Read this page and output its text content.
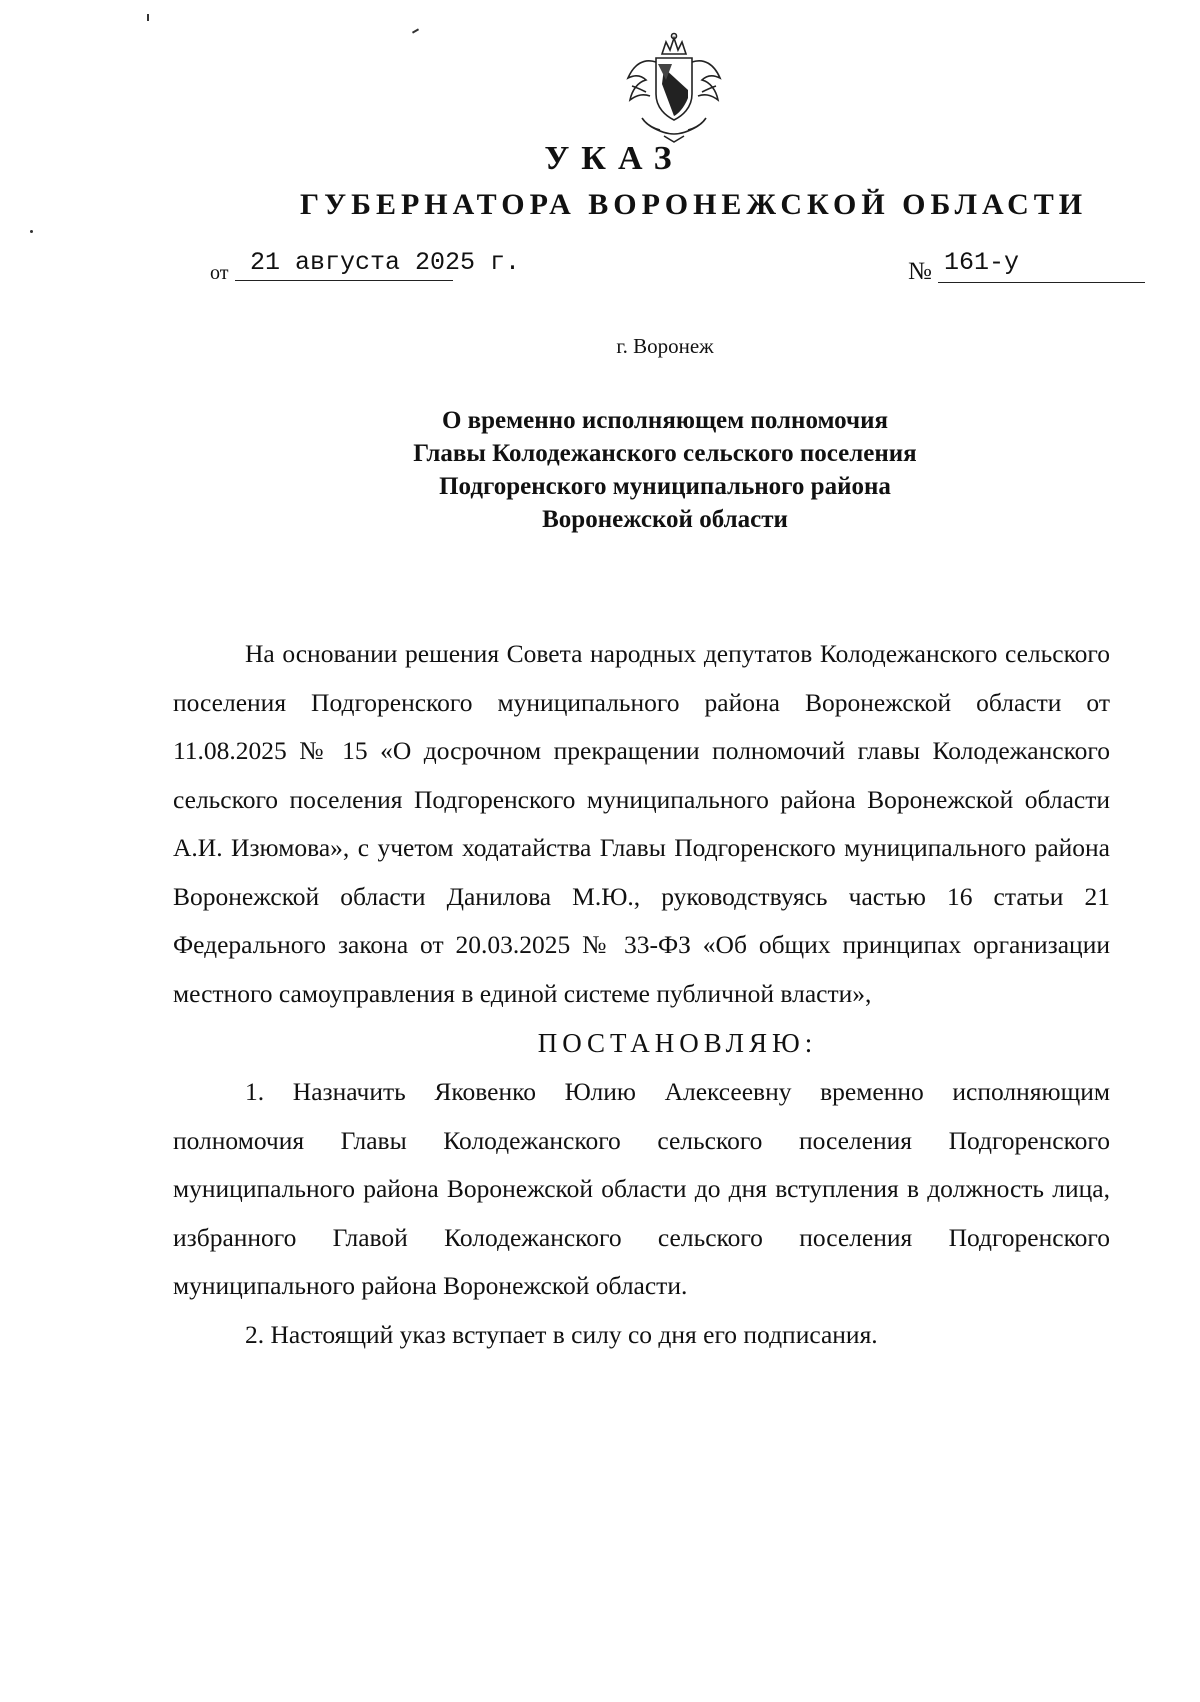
УКАЗ
ГУБЕРНАТОРА ВОРОНЕЖСКОЙ ОБЛАСТИ
от 21 августа 2025 г.	№ 161-у
г. Воронеж
О временно исполняющем полномочия
Главы Колодежанского сельского поселения
Подгоренского муниципального района
Воронежской области

На основании решения Совета народных депутатов Колодежанского сельского поселения Подгоренского муниципального района Воронежской области от 11.08.2025 № 15 «О досрочном прекращении полномочий главы Колодежанского сельского поселения Подгоренского муниципального района Воронежской области А.И. Изюмова», с учетом ходатайства Главы Подгоренского муниципального района Воронежской области Данилова М.Ю., руководствуясь частью 16 статьи 21 Федерального закона от 20.03.2025 № 33-ФЗ «Об общих принципах организации местного самоуправления в единой системе публичной власти»,

ПОСТАНОВЛЯЮ:

1. Назначить Яковенко Юлию Алексеевну временно исполняющим полномочия Главы Колодежанского сельского поселения Подгоренского муниципального района Воронежской области до дня вступления в должность лица, избранного Главой Колодежанского сельского поселения Подгоренского муниципального района Воронежской области.

2. Настоящий указ вступает в силу со дня его подписания.
